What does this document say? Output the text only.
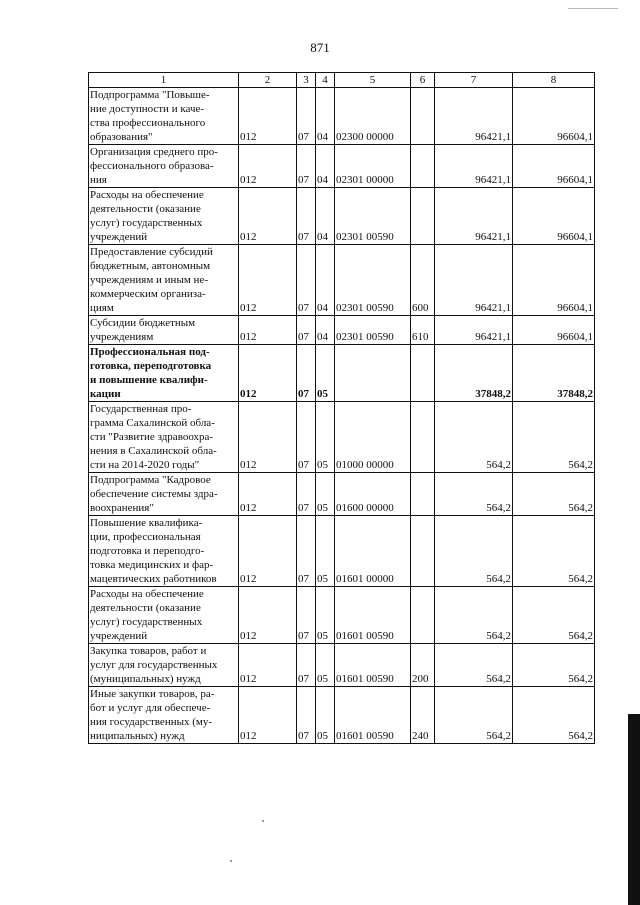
871
1	2	3	4	5	6	7	8
Подпрограмма "Повыше-
ние доступности и каче-
ства профессионального
образования"	012	07	04	02300 00000		96421,1	96604,1
Организация среднего про-
фессионального образова-
ния	012	07	04	02301 00000		96421,1	96604,1
Расходы на обеспечение
деятельности (оказание
услуг) государственных
учреждений	012	07	04	02301 00590		96421,1	96604,1
Предоставление субсидий
бюджетным, автономным
учреждениям и иным не-
коммерческим организа-
циям	012	07	04	02301 00590	600	96421,1	96604,1
Субсидии бюджетным
учреждениям	012	07	04	02301 00590	610	96421,1	96604,1
Профессиональная под-
готовка, переподготовка
и повышение квалифи-
кации	012	07	05			37848,2	37848,2
Государственная про-
грамма Сахалинской обла-
сти "Развитие здравоохра-
нения в Сахалинской обла-
сти на 2014-2020 годы"	012	07	05	01000 00000		564,2	564,2
Подпрограмма "Кадровое
обеспечение системы здра-
воохранения"	012	07	05	01600 00000		564,2	564,2
Повышение квалифика-
ции, профессиональная
подготовка и переподго-
товка медицинских и фар-
мацевтических работников	012	07	05	01601 00000		564,2	564,2
Расходы на обеспечение
деятельности (оказание
услуг) государственных
учреждений	012	07	05	01601 00590		564,2	564,2
Закупка товаров, работ и
услуг для государственных
(муниципальных) нужд	012	07	05	01601 00590	200	564,2	564,2
Иные закупки товаров, ра-
бот и услуг для обеспече-
ния государственных (му-
ниципальных) нужд	012	07	05	01601 00590	240	564,2	564,2
